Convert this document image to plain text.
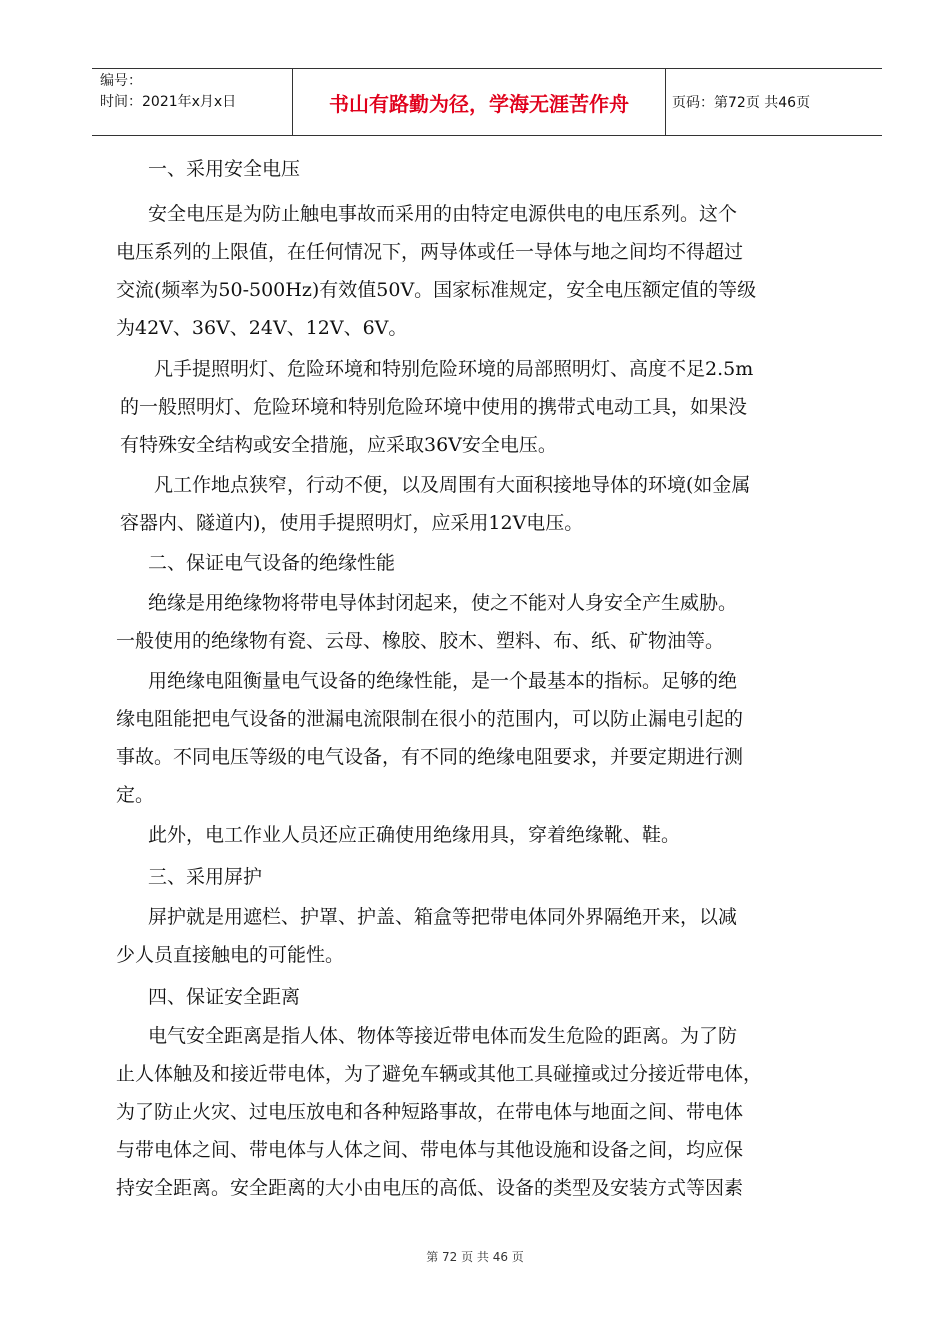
编号：
时间：2021年x月x日	书山有路勤为径，学海无涯苦作舟	页码：第72页 共46页
一、采用安全电压
安全电压是为防止触电事故而采用的由特定电源供电的电压系列。这个
电压系列的上限值，在任何情况下，两导体或任一导体与地之间均不得超过
交流(频率为50-500Hz)有效值50V。国家标准规定，安全电压额定值的等级
为42V、36V、24V、12V、6V。
凡手提照明灯、危险环境和特别危险环境的局部照明灯、高度不足2.5m
的一般照明灯、危险环境和特别危险环境中使用的携带式电动工具，如果没
有特殊安全结构或安全措施，应采取36V安全电压。
凡工作地点狭窄，行动不便，以及周围有大面积接地导体的环境(如金属
容器内、隧道内)，使用手提照明灯，应采用12V电压。
二、保证电气设备的绝缘性能
绝缘是用绝缘物将带电导体封闭起来，使之不能对人身安全产生威胁。
一般使用的绝缘物有瓷、云母、橡胶、胶木、塑料、布、纸、矿物油等。
用绝缘电阻衡量电气设备的绝缘性能，是一个最基本的指标。足够的绝
缘电阻能把电气设备的泄漏电流限制在很小的范围内，可以防止漏电引起的
事故。不同电压等级的电气设备，有不同的绝缘电阻要求，并要定期进行测
定。
此外，电工作业人员还应正确使用绝缘用具，穿着绝缘靴、鞋。
三、采用屏护
屏护就是用遮栏、护罩、护盖、箱盒等把带电体同外界隔绝开来，以减
少人员直接触电的可能性。
四、保证安全距离
电气安全距离是指人体、物体等接近带电体而发生危险的距离。为了防
止人体触及和接近带电体，为了避免车辆或其他工具碰撞或过分接近带电体，
为了防止火灾、过电压放电和各种短路事故，在带电体与地面之间、带电体
与带电体之间、带电体与人体之间、带电体与其他设施和设备之间，均应保
持安全距离。安全距离的大小由电压的高低、设备的类型及安装方式等因素
第 72 页 共 46 页
